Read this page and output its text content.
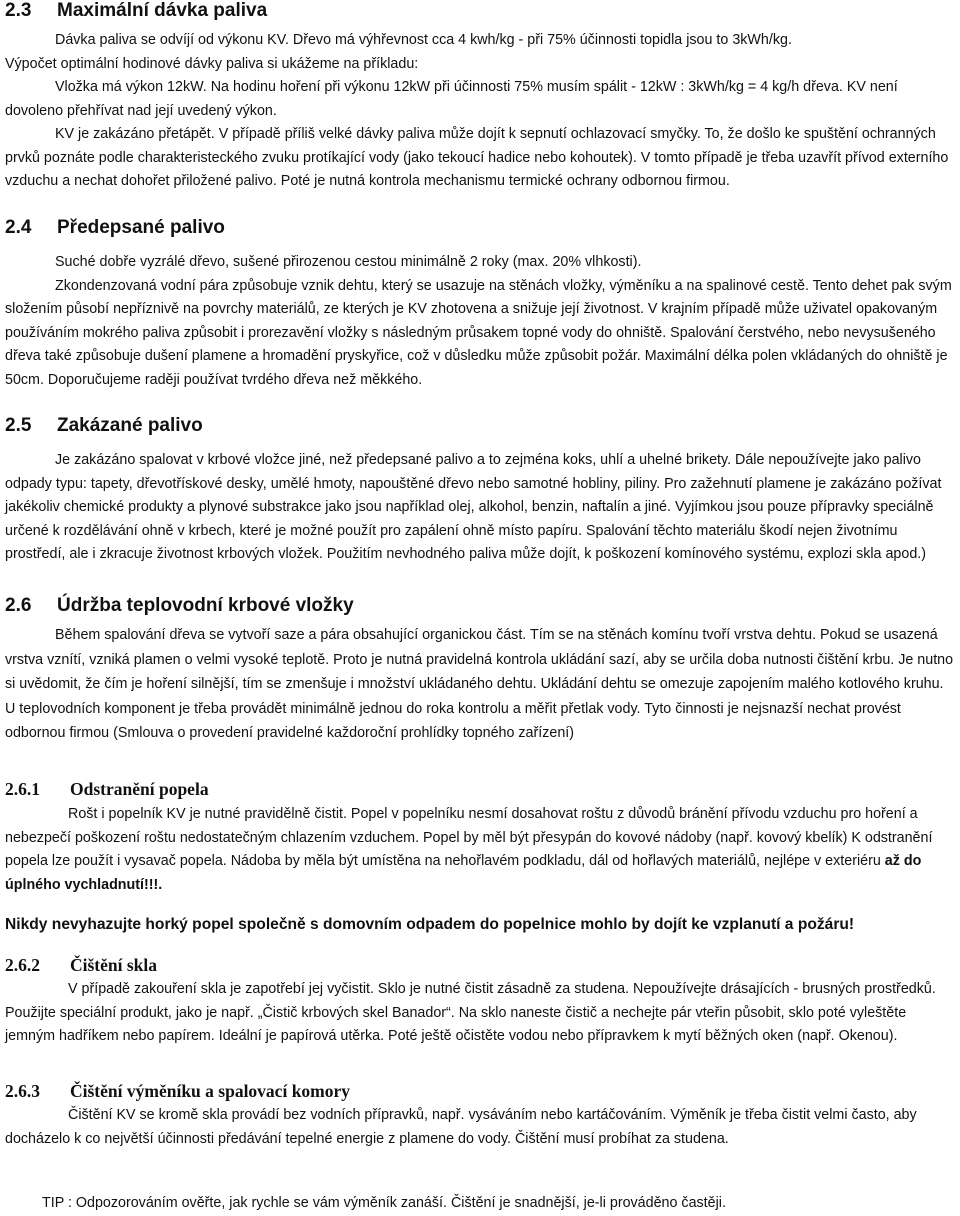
2.3 Maximální dávka paliva

Dávka paliva se odvíjí od výkonu KV. Dřevo má výhřevnost cca 4 kwh/kg - při 75% účinnosti topidla jsou to 3kWh/kg.

Výpočet optimální hodinové dávky paliva si ukážeme na příkladu:

Vložka má výkon 12kW. Na hodinu hoření při výkonu 12kW při účinnosti 75% musím spálit - 12kW : 3kWh/kg = 4 kg/h dřeva. KV není dovoleno přehřívat nad její uvedený výkon.

KV je zakázáno přetápět. V případě příliš velké dávky paliva může dojít k sepnutí ochlazovací smyčky. To, že došlo ke spuštění ochranných prvků poznáte podle charakteristeckého zvuku protíkající vody (jako tekoucí hadice nebo kohoutek). V tomto případě je třeba uzavřít přívod externího vzduchu a nechat dohořet přiložené palivo. Poté je nutná kontrola mechanismu termické ochrany odbornou firmou.

2.4 Předepsané palivo

Suché dobře vyzrálé dřevo, sušené přirozenou cestou minimálně 2 roky (max. 20% vlhkosti).

Zkondenzovaná vodní pára způsobuje vznik dehtu, který se usazuje na stěnách vložky, výměníku a na spalinové cestě. Tento dehet pak svým složením působí nepříznivě na povrchy materiálů, ze kterých je KV zhotovena a snižuje její životnost. V krajním případě může uživatel opakovaným používáním mokrého paliva způsobit i prorezavění vložky s následným průsakem topné vody do ohniště. Spalování čerstvého, nebo nevysušeného dřeva také způsobuje dušení plamene a hromadění pryskyřice, což v důsledku může způsobit požár. Maximální délka polen vkládaných do ohniště je 50cm. Doporučujeme raději používat tvrdého dřeva než měkkého.

2.5 Zakázané palivo

Je zakázáno spalovat v krbové vložce jiné, než předepsané palivo a to zejména koks, uhlí a uhelné brikety. Dále nepoužívejte jako palivo odpady typu: tapety, dřevotřískové desky, umělé hmoty, napouštěné dřevo nebo samotné hobliny, piliny. Pro zažehnutí plamene je zakázáno požívat jakékoliv chemické produkty a plynové substrakce jako jsou například olej, alkohol, benzin, naftalín a jiné. Vyjímkou jsou pouze přípravky speciálně určené k rozdělávání ohně v krbech, které je možné použít pro zapálení ohně místo papíru. Spalování těchto materiálu škodí nejen životnímu prostředí, ale i zkracuje životnost krbových vložek. Použitím nevhodného paliva může dojít, k poškození komínového systému, explozi skla apod.)

2.6 Údržba teplovodní krbové vložky

Během spalování dřeva se vytvoří saze a pára obsahující organickou část. Tím se na stěnách komínu tvoří vrstva dehtu. Pokud se usazená vrstva vznítí, vzniká plamen o velmi vysoké teplotě. Proto je nutná pravidelná kontrola ukládání sazí, aby se určila doba nutnosti čištění krbu. Je nutno si uvědomit, že čím je hoření silnější, tím se zmenšuje i množství ukládaného dehtu. Ukládání dehtu se omezuje zapojením malého kotlového kruhu. U teplovodních komponent je třeba provádět minimálně jednou do roka kontrolu a měřit přetlak vody. Tyto činnosti je nejsnazší nechat provést odbornou firmou (Smlouva o provedení pravidelné každoroční prohlídky topného zařízení)

2.6.1 Odstranění popela

Rošt i popelník KV je nutné pravidělně čistit. Popel v popelníku nesmí dosahovat roštu z důvodů bránění přívodu vzduchu pro hoření a nebezpečí poškození roštu nedostatečným chlazením vzduchem. Popel by měl být přesypán do kovové nádoby (např. kovový kbelík) K odstranění popela lze použít i vysavač popela. Nádoba by měla být umístěna na nehořlavém podkladu, dál od hořlavých materiálů, nejlépe v exteriéru až do úplného vychladnutí!!!.

Nikdy nevyhazujte horký popel společně s domovním odpadem do popelnice mohlo by dojít ke vzplanutí a požáru!
2.6.2 Čištění skla

V případě zakouření skla je zapotřebí jej vyčistit. Sklo je nutné čistit zásadně za studena. Nepoužívejte drásajících - brusných prostředků. Použijte speciální produkt, jako je např. „Čistič krbových skel Banador“. Na sklo naneste čistič a nechejte pár vteřin působit, sklo poté vyleštěte jemným hadříkem nebo papírem. Ideální je papírová utěrka. Poté ještě očistěte vodou nebo přípravkem k mytí běžných oken (např. Okenou).

2.6.3 Čištění výměníku a spalovací komory

Čištění KV se kromě skla provádí bez vodních přípravků, např. vysáváním nebo kartáčováním. Výměník je třeba čistit velmi často, aby docházelo k co největší účinnosti předávání tepelné energie z plamene do vody. Čištění musí probíhat za studena.

TIP : Odpozorováním ověřte, jak rychle se vám výměník zanáší. Čištění je snadnější, je-li prováděno častěji.
